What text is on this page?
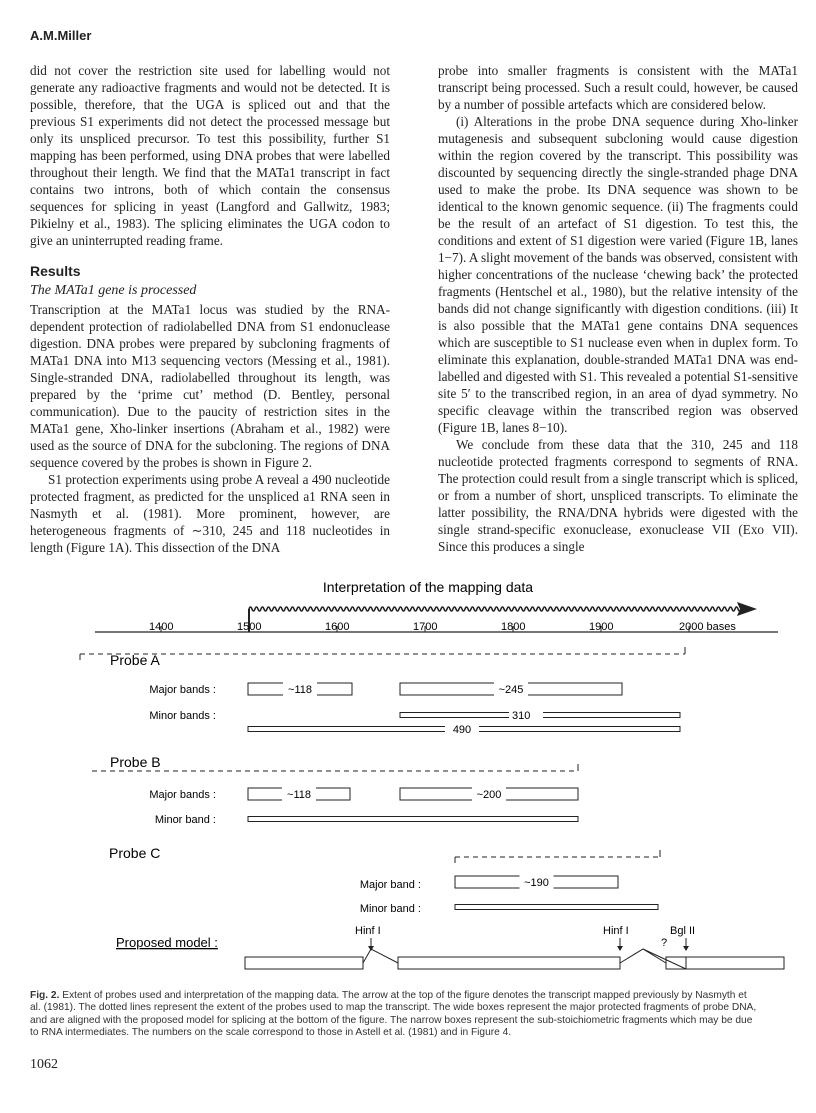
A.M.Miller

did not cover the restriction site used for labelling would not generate any radioactive fragments and would not be detected. It is possible, therefore, that the UGA is spliced out and that the previous S1 experiments did not detect the processed message but only its unspliced precursor. To test this possibility, further S1 mapping has been performed, using DNA probes that were labelled throughout their length. We find that the MATa1 transcript in fact contains two introns, both of which contain the consensus sequences for splicing in yeast (Langford and Gallwitz, 1983; Pikielny et al., 1983). The splicing eliminates the UGA codon to give an uninterrupted reading frame.

Results

The MATa1 gene is processed

Transcription at the MATa1 locus was studied by the RNA-dependent protection of radiolabelled DNA from S1 endonuclease digestion. DNA probes were prepared by subcloning fragments of MATa1 DNA into M13 sequencing vectors (Messing et al., 1981). Single-stranded DNA, radiolabelled throughout its length, was prepared by the ‘prime cut’ method (D. Bentley, personal communication). Due to the paucity of restriction sites in the MATa1 gene, Xho-linker insertions (Abraham et al., 1982) were used as the source of DNA for the subcloning. The regions of DNA sequence covered by the probes is shown in Figure 2.

S1 protection experiments using probe A reveal a 490 nucleotide protected fragment, as predicted for the unspliced a1 RNA seen in Nasmyth et al. (1981). More prominent, however, are heterogeneous fragments of ∼310, 245 and 118 nucleotides in length (Figure 1A). This dissection of the DNA

probe into smaller fragments is consistent with the MATa1 transcript being processed. Such a result could, however, be caused by a number of possible artefacts which are considered below.

(i) Alterations in the probe DNA sequence during Xho-linker mutagenesis and subsequent subcloning would cause digestion within the region covered by the transcript. This possibility was discounted by sequencing directly the single-stranded phage DNA used to make the probe. Its DNA sequence was shown to be identical to the known genomic sequence. (ii) The fragments could be the result of an artefact of S1 digestion. To test this, the conditions and extent of S1 digestion were varied (Figure 1B, lanes 1−7). A slight movement of the bands was observed, consistent with higher concentrations of the nuclease ‘chewing back’ the protected fragments (Hentschel et al., 1980), but the relative intensity of the bands did not change significantly with digestion conditions. (iii) It is also possible that the MATa1 gene contains DNA sequences which are susceptible to S1 nuclease even when in duplex form. To eliminate this explanation, double-stranded MATa1 DNA was end-labelled and digested with S1. This revealed a potential S1-sensitive site 5′ to the transcribed region, in an area of dyad symmetry. No specific cleavage within the transcribed region was observed (Figure 1B, lanes 8−10).

We conclude from these data that the 310, 245 and 118 nucleotide protected fragments correspond to segments of RNA. The protection could result from a single transcript which is spliced, or from a number of short, unspliced transcripts. To eliminate the latter possibility, the RNA/DNA hybrids were digested with the single strand-specific exonuclease, exonuclease VII (Exo VII). Since this produces a single

Interpretation of the mapping data
1400	1500	1600	1700	1800	1900	2000 bases
Probe A
Major bands :
Minor bands :
~118	~245
310
490
Probe B
Major bands :
Minor band :
~118	~200
Probe C
Major band :
Minor band :
~190
Proposed model :
Hinf I	Hinf I	Bgl II
?
Fig. 2. Extent of probes used and interpretation of the mapping data. The arrow at the top of the figure denotes the transcript mapped previously by Nasmyth et al. (1981). The dotted lines represent the extent of the probes used to map the transcript. The wide boxes represent the major protected fragments of probe DNA, and are aligned with the proposed model for splicing at the bottom of the figure. The narrow boxes represent the sub-stoichiometric fragments which may be due to RNA intermediates. The numbers on the scale correspond to those in Astell et al. (1981) and in Figure 4.
1062
